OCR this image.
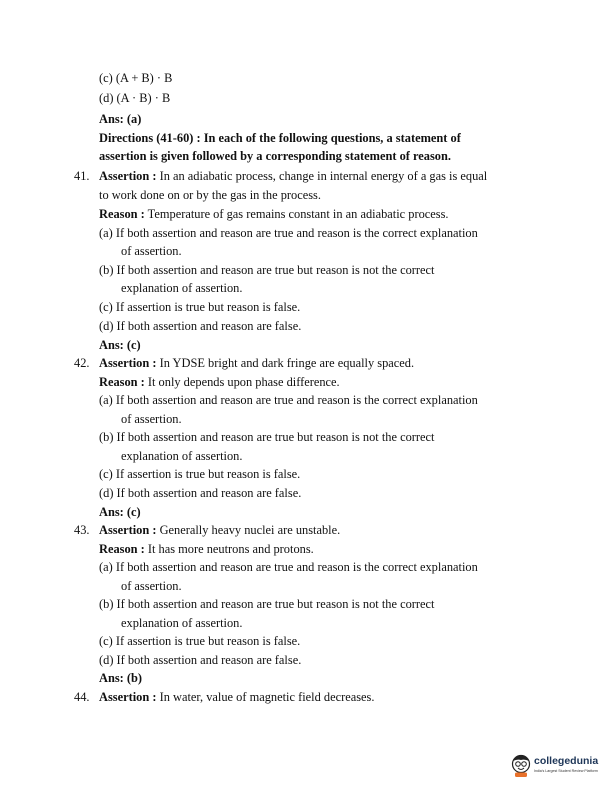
(c) (A + B) · B
(d) (A · B) · B
Ans: (a)
Directions (41-60) : In each of the following questions, a statement of
assertion is given followed by a corresponding statement of reason.
41. Assertion : In an adiabatic process, change in internal energy of a gas is equal
to work done on or by the gas in the process.
Reason : Temperature of gas remains constant in an adiabatic process.
(a) If both assertion and reason are true and reason is the correct explanation
of assertion.
(b) If both assertion and reason are true but reason is not the correct
explanation of assertion.
(c) If assertion is true but reason is false.
(d) If both assertion and reason are false.
Ans: (c)
42. Assertion : In YDSE bright and dark fringe are equally spaced.
Reason : It only depends upon phase difference.
(a) If both assertion and reason are true and reason is the correct explanation
of assertion.
(b) If both assertion and reason are true but reason is not the correct
explanation of assertion.
(c) If assertion is true but reason is false.
(d) If both assertion and reason are false.
Ans: (c)
43. Assertion : Generally heavy nuclei are unstable.
Reason : It has more neutrons and protons.
(a) If both assertion and reason are true and reason is the correct explanation
of assertion.
(b) If both assertion and reason are true but reason is not the correct
explanation of assertion.
(c) If assertion is true but reason is false.
(d) If both assertion and reason are false.
Ans: (b)
44. Assertion : In water, value of magnetic field decreases.
collegedunia
India's Largest Student Review Platform
